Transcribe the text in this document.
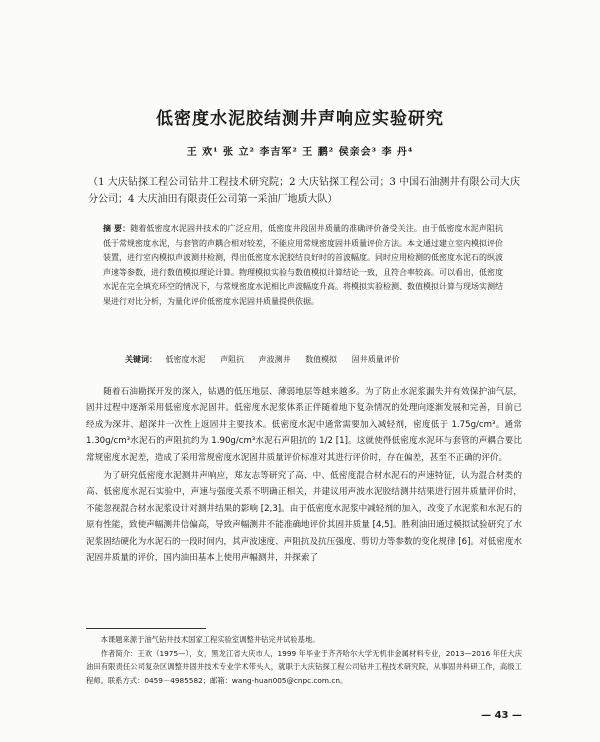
低密度水泥胶结测井声响应实验研究
王 欢¹ 张 立² 李吉军² 王 鹏² 侯亲会³ 李 丹⁴
（1 大庆钻探工程公司钻井工程技术研究院；2 大庆钻探工程公司；3 中国石油测井有限公司大庆分公司；4 大庆油田有限责任公司第一采油厂地质大队）
摘 要：随着低密度水泥固井技术的广泛应用，低密度井段固井质量的准确评价备受关注。由于低密度水泥声阻抗低于常规密度水泥，与套管的声耦合相对较差，不能应用常规密度固井质量评价方法。本文通过建立室内模拟评价装置，进行室内模拟声波测井检测，得出低密度水泥胶结良好时的首波幅度。同时应用检测的低密度水泥石的纵波声速等参数，进行数值模拟理论计算。物理模拟实验与数值模拟计算结论一致，且符合率较高。可以看出，低密度水泥在完全填充环空的情况下，与常规密度水泥相比声波幅度升高。将模拟实验检测、数值模拟计算与现场实测结果进行对比分析，为量化评价低密度水泥固井质量提供依据。
关键词： 低密度水泥 声阻抗 声波测井 数值模拟 固井质量评价

随着石油勘探开发的深入，钻遇的低压地层、薄弱地层等越来越多。为了防止水泥浆漏失并有效保护油气层，固井过程中逐渐采用低密度水泥固井。低密度水泥浆体系正伴随着地下复杂情况的处理向逐渐发展和完善，目前已经成为深井、超深井一次性上返固井主要技术。低密度水泥中通常需要加入减轻剂，密度低于 1.75g/cm³。通常 1.30g/cm³水泥石的声阻抗约为 1.90g/cm³水泥石声阻抗的 1/2 [1]。这就使得低密度水泥环与套管的声耦合要比常规密度水泥差，造成了采用常规密度水泥固井质量评价标准对其进行评价时，存在偏差，甚至不正确的评价。

为了研究低密度水泥测井声响应，郑友志等研究了高、中、低密度混合材水泥石的声速特征，认为混合材类的高、低密度水泥石实验中，声速与强度关系不明确正相关，并建议用声波水泥胶结测井结果进行固井质量评价时，不能忽视混合材水泥浆设计对测井结果的影响 [2,3]。由于低密度水泥浆中减轻剂的加入，改变了水泥浆和水泥石的原有性能，致使声幅测井信偏高，导致声幅测井不能准确地评价其固井质量 [4,5]。胜利油田通过模拟试验研究了水泥浆固结硬化为水泥石的一段时间内，其声波速度、声阻抗及抗压强度、剪切力等参数的变化规律 [6]。对低密度水泥固井质量的评价，国内油田基本上使用声幅测井，并探索了

本课题来源于油气钻井技术国家工程实验室调整井钻完井试验基地。

作者简介：王欢（1975—），女，黑龙江省大庆市人，1999 年毕业于齐齐哈尔大学无机非金属材料专业，2013—2016 年任大庆油田有限责任公司复杂区调整井固井技术专业学术带头人，就职于大庆钻探工程公司钻井工程技术研究院，从事固井科研工作，高级工程师。联系方式：0459－4985582；邮箱：wang-huan005@cnpc.com.cn。

— 43 —
